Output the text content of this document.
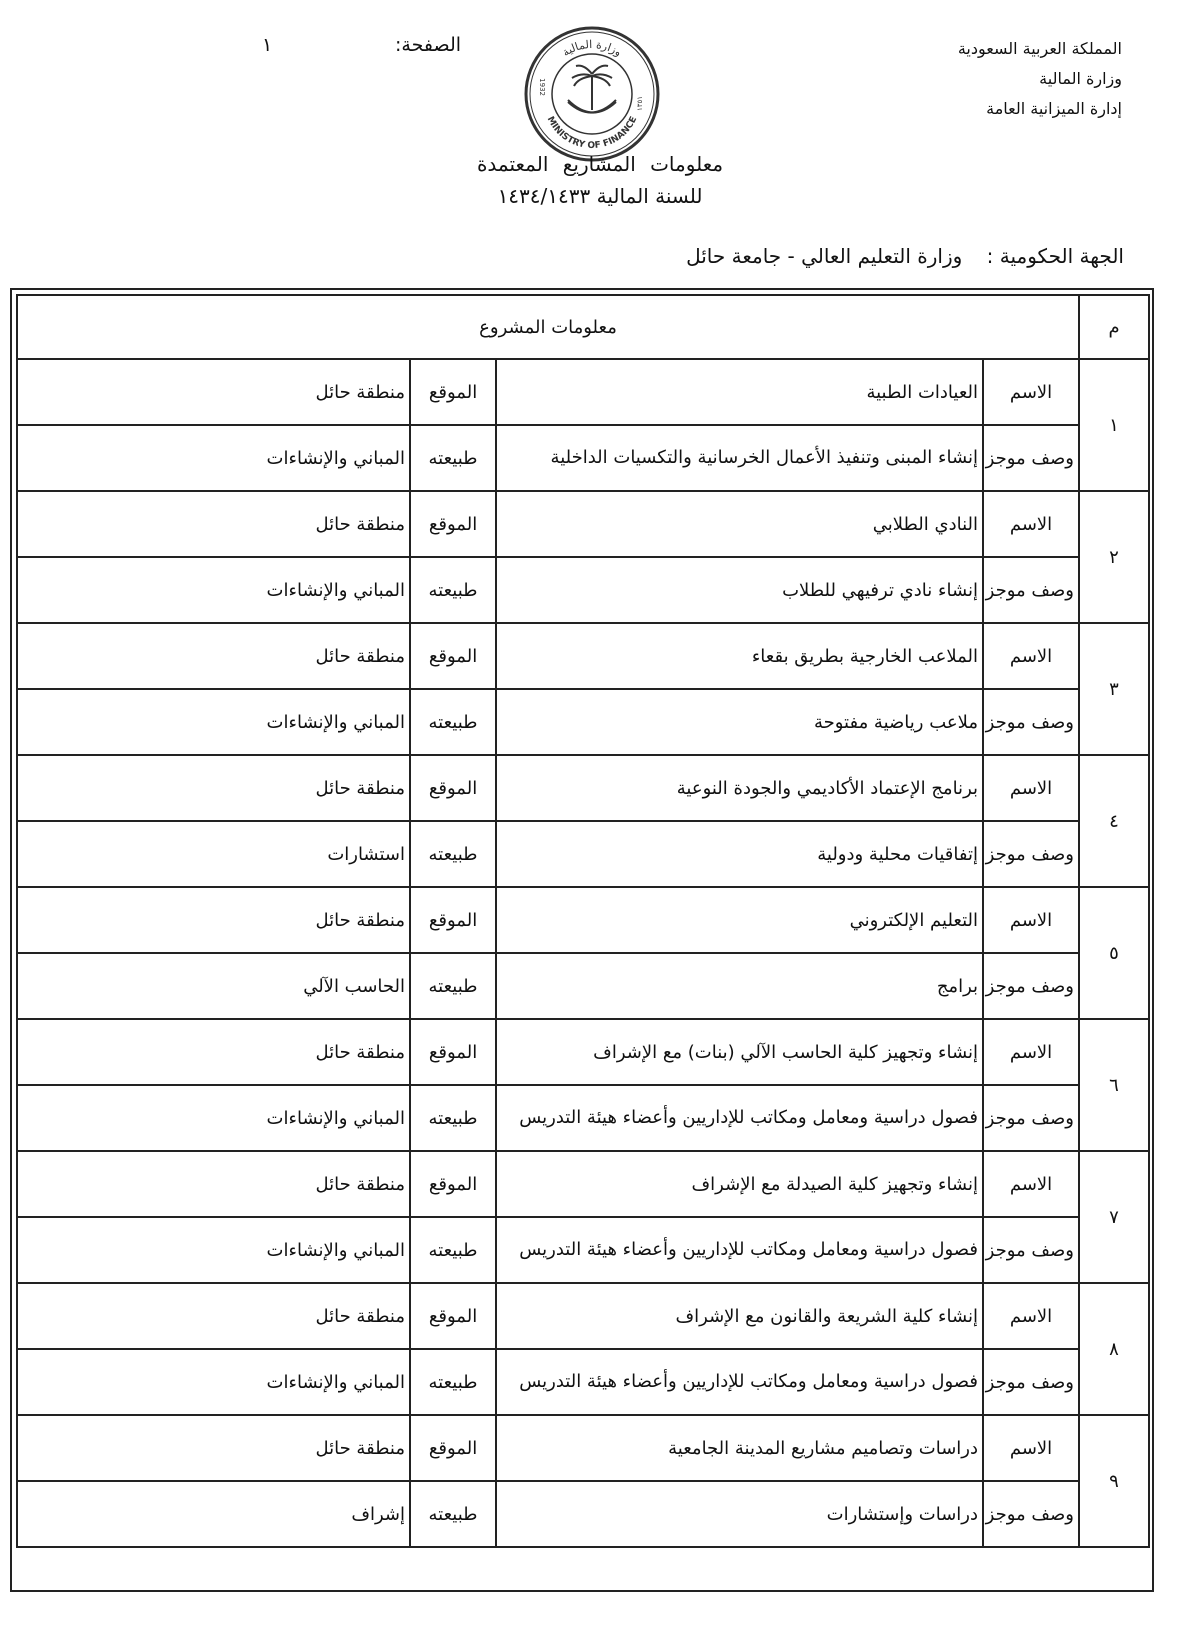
المملكة العربية السعودية
وزارة المالية
إدارة الميزانية العامة
الصفحة:
١	وزارة المالية
MINISTRY OF FINANCE
1932
١٣٥١
معلومات المشاريع المعتمدة
للسنة المالية ١٤٣٤/١٤٣٣
الجهة الحكومية : وزارة التعليم العالي - جامعة حائل
م	معلومات المشروع			
١	الاسم	العيادات الطبية	الموقع	منطقة حائل
	وصف موجز	إنشاء المبنى وتنفيذ الأعمال الخرسانية والتكسيات الداخلية	طبيعته	المباني والإنشاءات
٢	الاسم	النادي الطلابي	الموقع	منطقة حائل
	وصف موجز	إنشاء نادي ترفيهي للطلاب	طبيعته	المباني والإنشاءات
٣	الاسم	الملاعب الخارجية بطريق بقعاء	الموقع	منطقة حائل
	وصف موجز	ملاعب رياضية مفتوحة	طبيعته	المباني والإنشاءات
٤	الاسم	برنامج الإعتماد الأكاديمي والجودة النوعية	الموقع	منطقة حائل
	وصف موجز	إتفاقيات محلية ودولية	طبيعته	استشارات
٥	الاسم	التعليم الإلكتروني	الموقع	منطقة حائل
	وصف موجز	برامج	طبيعته	الحاسب الآلي
٦	الاسم	إنشاء وتجهيز كلية الحاسب الآلي (بنات) مع الإشراف	الموقع	منطقة حائل
	وصف موجز	فصول دراسية ومعامل ومكاتب للإداريين وأعضاء هيئة التدريس	طبيعته	المباني والإنشاءات
٧	الاسم	إنشاء وتجهيز كلية الصيدلة مع الإشراف	الموقع	منطقة حائل
	وصف موجز	فصول دراسية ومعامل ومكاتب للإداريين وأعضاء هيئة التدريس	طبيعته	المباني والإنشاءات
٨	الاسم	إنشاء كلية الشريعة والقانون مع الإشراف	الموقع	منطقة حائل
	وصف موجز	فصول دراسية ومعامل ومكاتب للإداريين وأعضاء هيئة التدريس	طبيعته	المباني والإنشاءات
٩	الاسم	دراسات وتصاميم مشاريع المدينة الجامعية	الموقع	منطقة حائل
	وصف موجز	دراسات وإستشارات	طبيعته	إشراف
